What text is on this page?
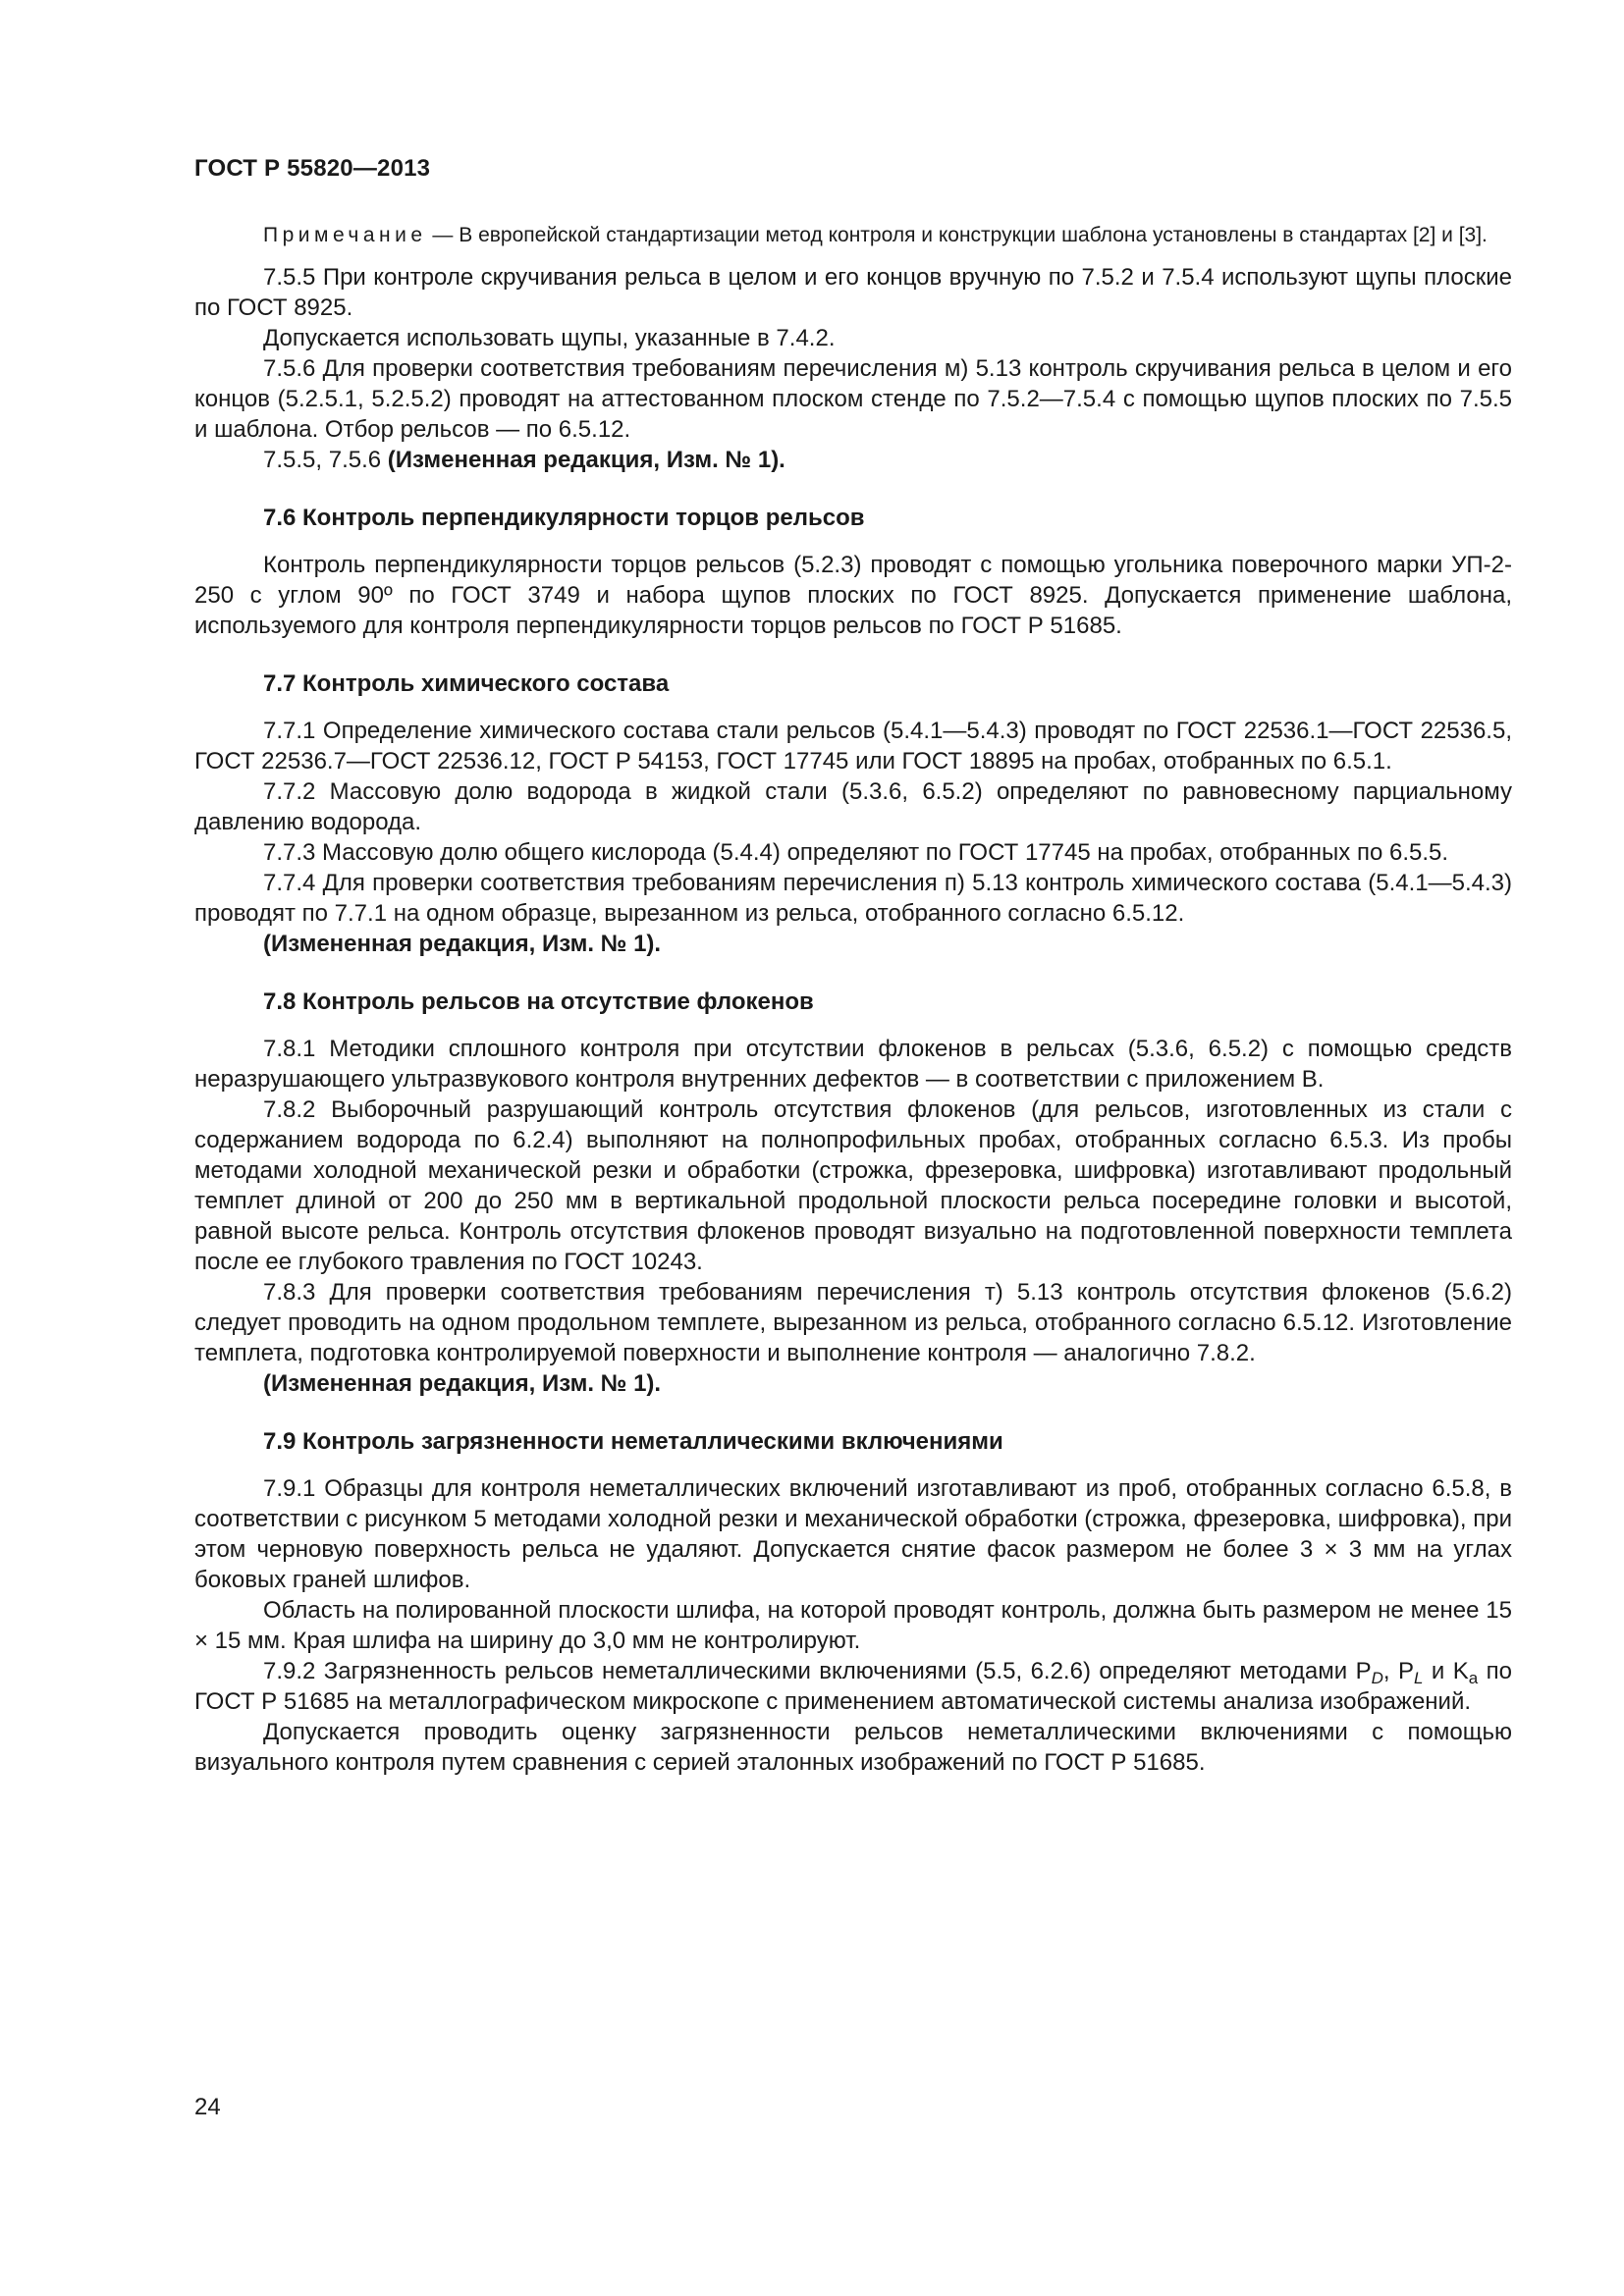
ГОСТ Р 55820—2013

Примечание — В европейской стандартизации метод контроля и конструкции шаблона установлены в стандартах [2] и [3].

7.5.5 При контроле скручивания рельса в целом и его концов вручную по 7.5.2 и 7.5.4 используют щупы плоские по ГОСТ 8925.

Допускается использовать щупы, указанные в 7.4.2.

7.5.6 Для проверки соответствия требованиям перечисления м) 5.13 контроль скручивания рельса в целом и его концов (5.2.5.1, 5.2.5.2) проводят на аттестованном плоском стенде по 7.5.2—7.5.4 с помощью щупов плоских по 7.5.5 и шаблона. Отбор рельсов — по 6.5.12.

7.5.5, 7.5.6 (Измененная редакция, Изм. № 1).

7.6 Контроль перпендикулярности торцов рельсов

Контроль перпендикулярности торцов рельсов (5.2.3) проводят с помощью угольника поверочного марки УП-2-250 с углом 90º по ГОСТ 3749 и набора щупов плоских по ГОСТ 8925. Допускается применение шаблона, используемого для контроля перпендикулярности торцов рельсов по ГОСТ Р 51685.

7.7 Контроль химического состава

7.7.1 Определение химического состава стали рельсов (5.4.1—5.4.3) проводят по ГОСТ 22536.1—ГОСТ 22536.5, ГОСТ 22536.7—ГОСТ 22536.12, ГОСТ Р 54153, ГОСТ 17745 или ГОСТ 18895 на пробах, отобранных по 6.5.1.

7.7.2 Массовую долю водорода в жидкой стали (5.3.6, 6.5.2) определяют по равновесному парциальному давлению водорода.

7.7.3 Массовую долю общего кислорода (5.4.4) определяют по ГОСТ 17745 на пробах, отобранных по 6.5.5.

7.7.4 Для проверки соответствия требованиям перечисления п) 5.13 контроль химического состава (5.4.1—5.4.3) проводят по 7.7.1 на одном образце, вырезанном из рельса, отобранного согласно 6.5.12.

(Измененная редакция, Изм. № 1).

7.8 Контроль рельсов на отсутствие флокенов

7.8.1 Методики сплошного контроля при отсутствии флокенов в рельсах (5.3.6, 6.5.2) с помощью средств неразрушающего ультразвукового контроля внутренних дефектов — в соответствии с приложением В.

7.8.2 Выборочный разрушающий контроль отсутствия флокенов (для рельсов, изготовленных из стали с содержанием водорода по 6.2.4) выполняют на полнопрофильных пробах, отобранных согласно 6.5.3. Из пробы методами холодной механической резки и обработки (строжка, фрезеровка, шифровка) изготавливают продольный темплет длиной от 200 до 250 мм в вертикальной продольной плоскости рельса посередине головки и высотой, равной высоте рельса. Контроль отсутствия флокенов проводят визуально на подготовленной поверхности темплета после ее глубокого травления по ГОСТ 10243.

7.8.3 Для проверки соответствия требованиям перечисления т) 5.13 контроль отсутствия флокенов (5.6.2) следует проводить на одном продольном темплете, вырезанном из рельса, отобранного согласно 6.5.12. Изготовление темплета, подготовка контролируемой поверхности и выполнение контроля — аналогично 7.8.2.

(Измененная редакция, Изм. № 1).

7.9 Контроль загрязненности неметаллическими включениями

7.9.1 Образцы для контроля неметаллических включений изготавливают из проб, отобранных согласно 6.5.8, в соответствии с рисунком 5 методами холодной резки и механической обработки (строжка, фрезеровка, шифровка), при этом черновую поверхность рельса не удаляют. Допускается снятие фасок размером не более 3 × 3 мм на углах боковых граней шлифов.

Область на полированной плоскости шлифа, на которой проводят контроль, должна быть размером не менее 15 × 15 мм. Края шлифа на ширину до 3,0 мм не контролируют.

7.9.2 Загрязненность рельсов неметаллическими включениями (5.5, 6.2.6) определяют методами $P_D$, $P_L$ и $K_a$ по ГОСТ Р 51685 на металлографическом микроскопе с применением автоматической системы анализа изображений.

Допускается проводить оценку загрязненности рельсов неметаллическими включениями с помощью визуального контроля путем сравнения с серией эталонных изображений по ГОСТ Р 51685.

24
